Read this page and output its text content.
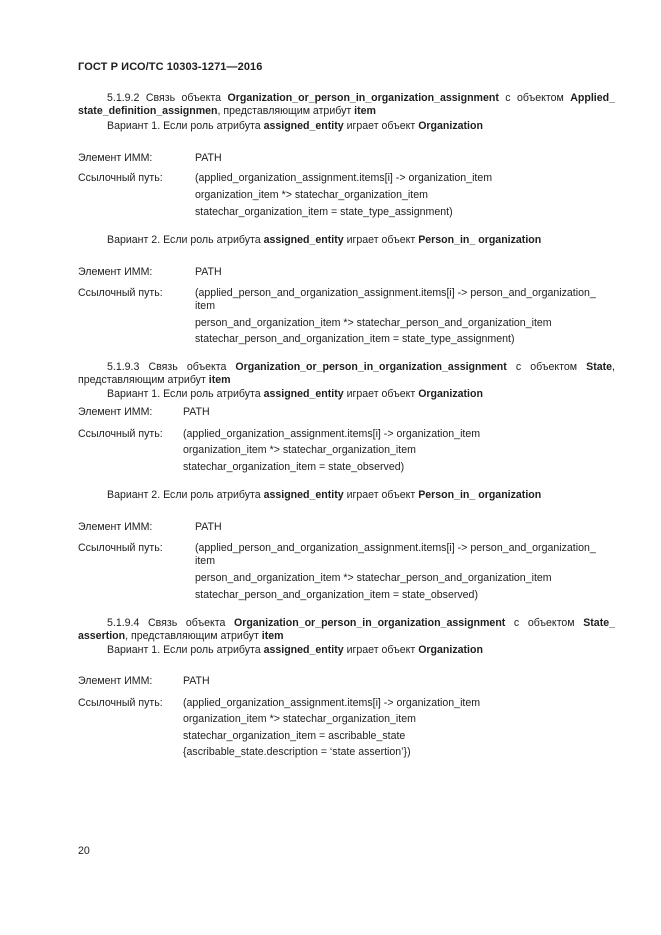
ГОСТ Р ИСО/ТС 10303-1271—2016
5.1.9.2 Связь объекта Organization_or_person_in_organization_assignment с объектом Applied_
state_definition_assignmen, представляющим атрибут item
Вариант 1. Если роль атрибута assigned_entity играет объект Organization
Элемент ИММ:	PATH
Ссылочный путь:	(applied_organization_assignment.items[i] -> organization_item
organization_item *> statechar_organization_item
statechar_organization_item = state_type_assignment)
Вариант 2. Если роль атрибута assigned_entity играет объект Person_in_ organization
Элемент ИММ:	PATH
Ссылочный путь:	(applied_person_and_organization_assignment.items[i] -> person_and_organization_
item
person_and_organization_item *> statechar_person_and_organization_item
statechar_person_and_organization_item = state_type_assignment)
5.1.9.3 Связь объекта Organization_or_person_in_organization_assignment с объектом State,
представляющим атрибут item
Вариант 1. Если роль атрибута assigned_entity играет объект Organization
Элемент ИММ:	PATH
Ссылочный путь: (applied_organization_assignment.items[i] -> organization_item
organization_item *> statechar_organization_item
statechar_organization_item = state_observed)
Вариант 2. Если роль атрибута assigned_entity играет объект Person_in_ organization
Элемент ИММ:	PATH
Ссылочный путь:	(applied_person_and_organization_assignment.items[i] -> person_and_organization_
item
person_and_organization_item *> statechar_person_and_organization_item
statechar_person_and_organization_item = state_observed)
5.1.9.4 Связь объекта Organization_or_person_in_organization_assignment с объектом State_
assertion, представляющим атрибут item
Вариант 1. Если роль атрибута assigned_entity играет объект Organization
Элемент ИММ:	PATH
Ссылочный путь: (applied_organization_assignment.items[i] -> organization_item
organization_item *> statechar_organization_item
statechar_organization_item = ascribable_state
{ascribable_state.description = ‘state assertion’})
20
